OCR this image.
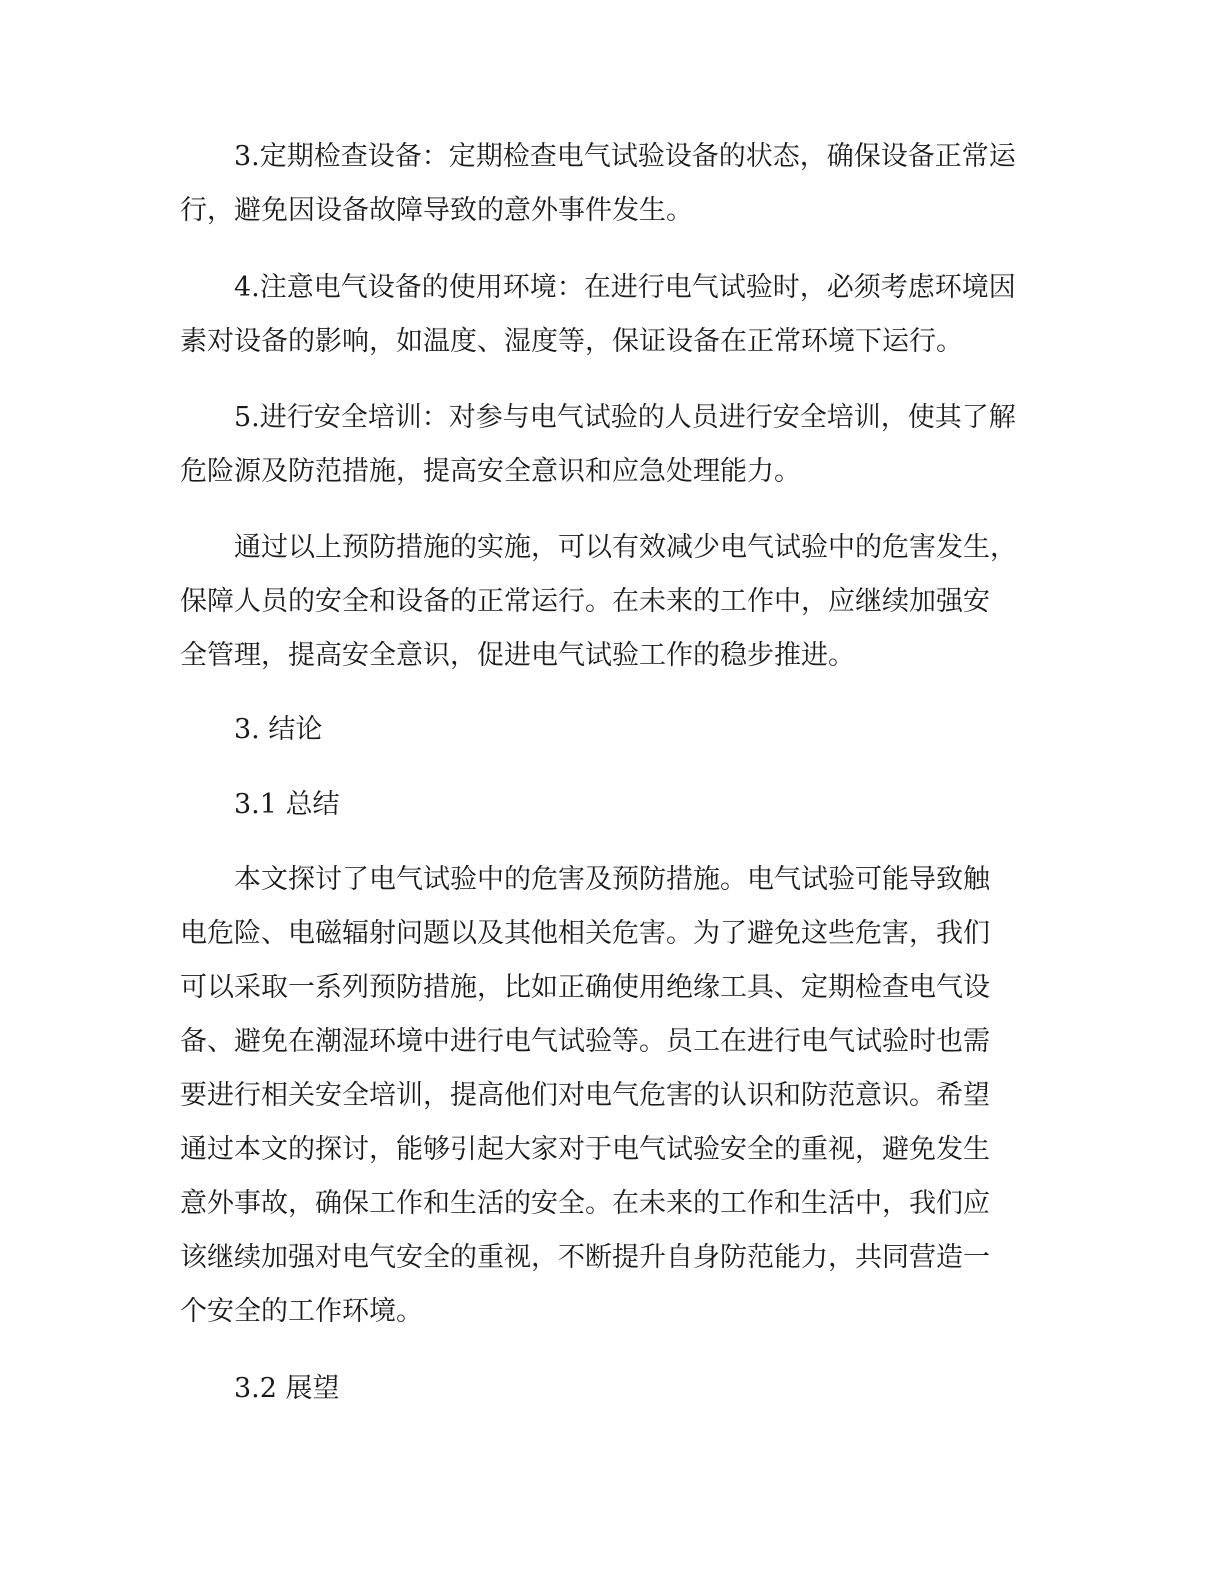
3.定期检查设备：定期检查电气试验设备的状态，确保设备正常运
行，避免因设备故障导致的意外事件发生。
4.注意电气设备的使用环境：在进行电气试验时，必须考虑环境因
素对设备的影响，如温度、湿度等，保证设备在正常环境下运行。
5.进行安全培训：对参与电气试验的人员进行安全培训，使其了解
危险源及防范措施，提高安全意识和应急处理能力。
通过以上预防措施的实施，可以有效减少电气试验中的危害发生，
保障人员的安全和设备的正常运行。在未来的工作中，应继续加强安
全管理，提高安全意识，促进电气试验工作的稳步推进。
3. 结论
3.1 总结
本文探讨了电气试验中的危害及预防措施。电气试验可能导致触
电危险、电磁辐射问题以及其他相关危害。为了避免这些危害，我们
可以采取一系列预防措施，比如正确使用绝缘工具、定期检查电气设
备、避免在潮湿环境中进行电气试验等。员工在进行电气试验时也需
要进行相关安全培训，提高他们对电气危害的认识和防范意识。希望
通过本文的探讨，能够引起大家对于电气试验安全的重视，避免发生
意外事故，确保工作和生活的安全。在未来的工作和生活中，我们应
该继续加强对电气安全的重视，不断提升自身防范能力，共同营造一
个安全的工作环境。
3.2 展望
